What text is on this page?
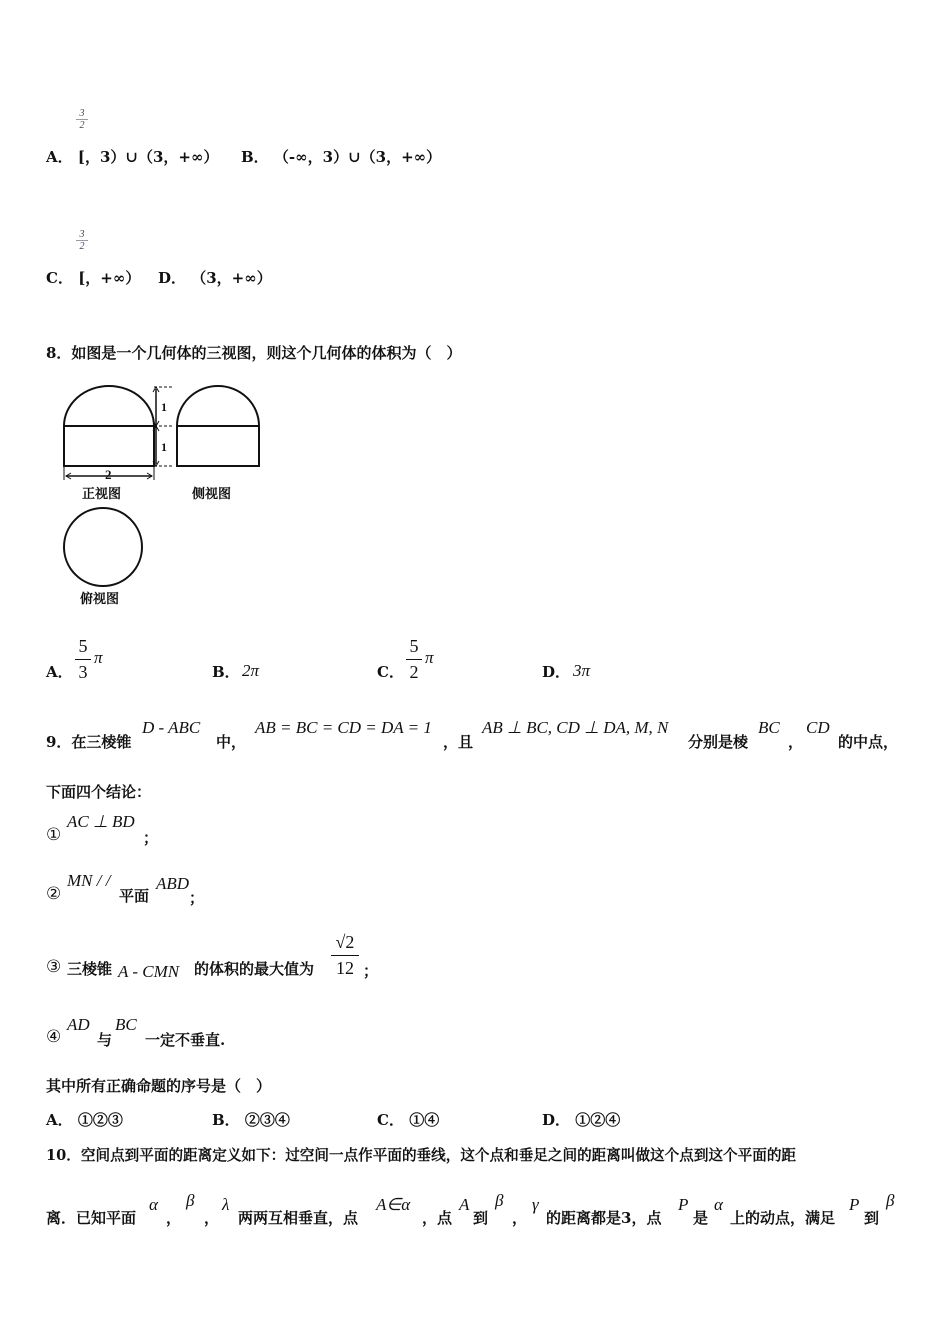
3
2
A． [，3）∪（3，+∞） B． （-∞，3）∪（3，+∞）
3
2
C． [，+∞） D． （3，+∞）
8．如图是一个几何体的三视图，则这个几何体的体积为（　）
1
1
2
正视图	侧视图
俯视图
A．
5
3
π
B． 2π	C．
5
2
π
D． 3π
9．在三棱锥
D - ABC
中，
AB = BC = CD = DA = 1
，且
AB ⊥ BC, CD ⊥ DA, M, N
分别是棱
BC
，
CD
的中点，
下面四个结论：
①
AC ⊥ BD
；
②
MN / /
平面
ABD
；
③ 三棱锥 A - CMN 的体积的最大值为
√2
12 ；
④
AD
与
BC
一定不垂直.
其中所有正确命题的序号是（　）
A． ①②③	B． ②③④	C． ①④	D． ①②④
10．空间点到平面的距离定义如下：过空间一点作平面的垂线，这个点和垂足之间的距离叫做这个点到这个平面的距
离．已知平面
α
，
β
，
λ
两两互相垂直，点
A∈α
，点
A
到
β
，
γ
的距离都是3，点
P
是
α
上的动点，满足
P
到
β
